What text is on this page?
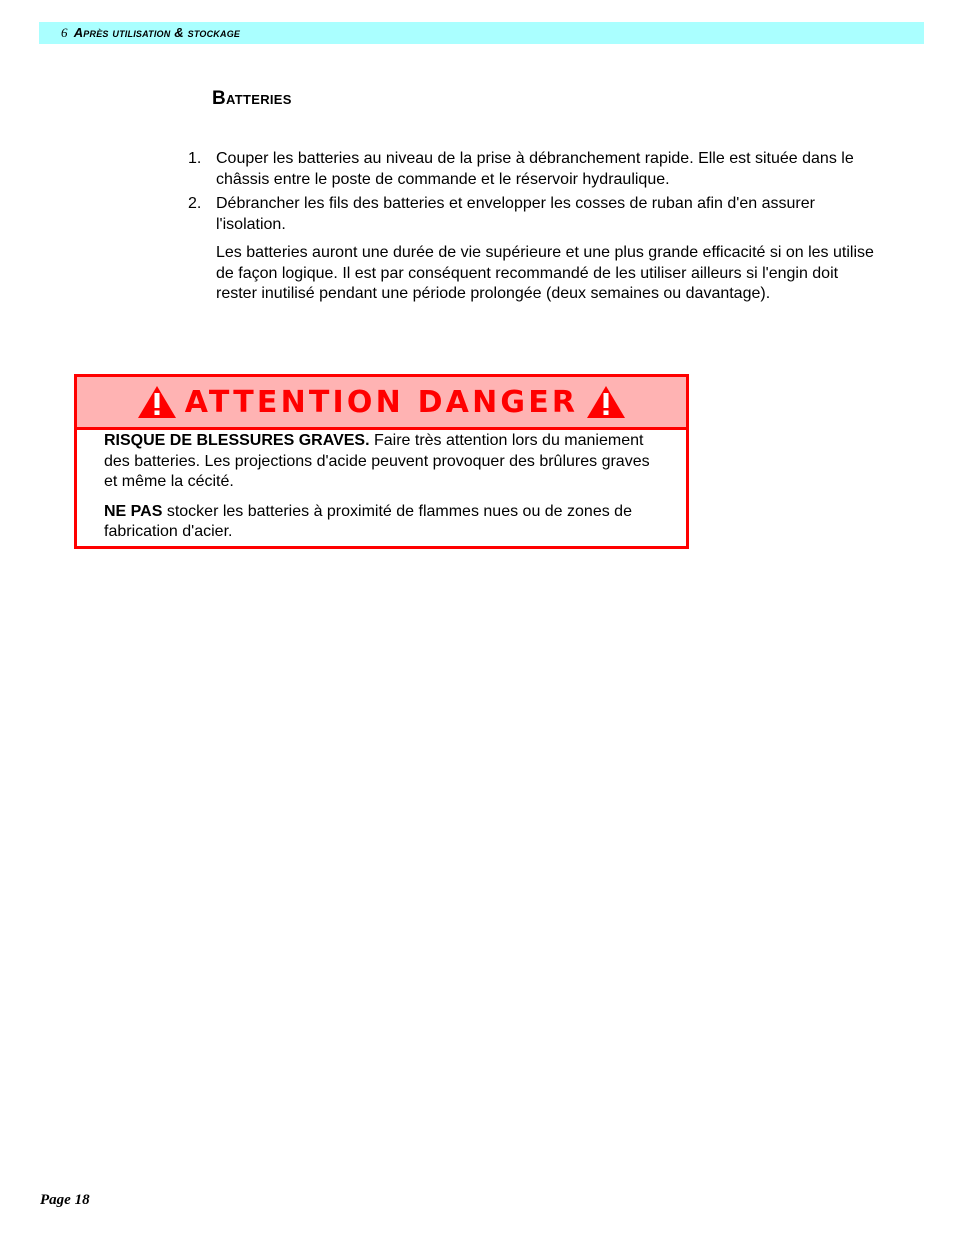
6 Après utilisation & stockage
Batteries
1. Couper les batteries au niveau de la prise à débranchement rapide. Elle est située dans le châssis entre le poste de commande et le réservoir hydraulique.
2. Débrancher les fils des batteries et envelopper les cosses de ruban afin d'en assurer l'isolation.
Les batteries auront une durée de vie supérieure et une plus grande efficacité si on les utilise de façon logique. Il est par conséquent recommandé de les utiliser ailleurs si l'engin doit rester inutilisé pendant une période prolongée (deux semaines ou davantage).
ATTENTION DANGER

RISQUE DE BLESSURES GRAVES. Faire très attention lors du maniement des batteries. Les projections d'acide peuvent provoquer des brûlures graves et même la cécité.

NE PAS stocker les batteries à proximité de flammes nues ou de zones de fabrication d'acier.

Page 18
